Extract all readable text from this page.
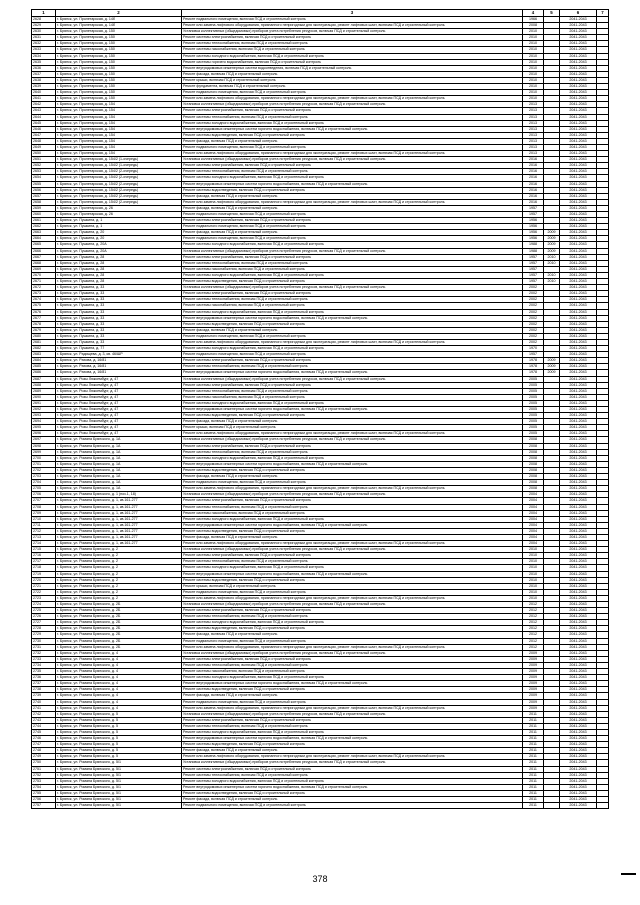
1	2	3	4	5	6	7
2628	г. Брянск, ул. Пролетарская, д. 14б	Ремонт подвального помещения, включая ПСД и строительный контроль	1966		2041-2043	
2629	г. Брянск, ул. Пролетарская, д. 14б	Ремонт или замена лифтового оборудования, признанного непригодным для эксплуатации, ремонт лифтовых шахт, включая ПСД и строительный контроль	2008		2041-2043	
2630	г. Брянск, ул. Пролетарская, д. 150	Установка коллективных (общедомовых) приборов учета потребления ресурсов, включая ПСД и строительный контроль	2010		2041-2043	
2631	г. Брянск, ул. Пролетарская, д. 150	Ремонт системы электроснабжения, включая ПСД и строительный контроль	2010		2041-2043	
2632	г. Брянск, ул. Пролетарская, д. 150	Ремонт системы теплоснабжения, включая ПСД и строительный контроль	2010		2041-2043	
2633	г. Брянск, ул. Пролетарская, д. 150	Ремонт системы газоснабжения, включая ПСД и строительный контроль	2010		2041-2043	
2634	г. Брянск, ул. Пролетарская, д. 150	Ремонт системы холодного водоснабжения, включая ПСД и строительный контроль	2010		2041-2043	
2635	г. Брянск, ул. Пролетарская, д. 150	Ремонт системы горячего водоснабжения, включая ПСД и строительный контроль	2010		2041-2043	
2636	г. Брянск, ул. Пролетарская, д. 150	Ремонт внутридомовых инженерных систем водоотведения, включая ПСД и строительный контроль	2010		2041-2043	
2637	г. Брянск, ул. Пролетарская, д. 150	Ремонт фасада, включая ПСД и строительный контроль	2010		2041-2043	
2638	г. Брянск, ул. Пролетарская, д. 150	Ремонт крыши, включая ПСД и строительный контроль	2010		2041-2043	
2639	г. Брянск, ул. Пролетарская, д. 150	Ремонт фундамента, включая ПСД и строительный контроль	2010		2041-2043	
2640	г. Брянск, ул. Пролетарская, д. 150	Ремонт подвального помещения, включая ПСД и строительный контроль	2010		2041-2043	
2641	г. Брянск, ул. Пролетарская, д. 150	Ремонт или замена лифтового оборудования, признанного непригодным для эксплуатации, ремонт лифтовых шахт, включая ПСД и строительный контроль	2010		2041-2043	
2642	г. Брянск, ул. Пролетарская, д. 154	Установка коллективных (общедомовых) приборов учета потребления ресурсов, включая ПСД и строительный контроль	2013		2041-2043	
2643	г. Брянск, ул. Пролетарская, д. 154	Ремонт системы электроснабжения, включая ПСД и строительный контроль	2013		2041-2043	
2644	г. Брянск, ул. Пролетарская, д. 154	Ремонт системы теплоснабжения, включая ПСД и строительный контроль	2013		2041-2043	
2645	г. Брянск, ул. Пролетарская, д. 154	Ремонт системы холодного водоснабжения, включая ПСД и строительный контроль	2013		2041-2043	
2646	г. Брянск, ул. Пролетарская, д. 154	Ремонт внутридомовых инженерных систем горячего водоснабжения, включая ПСД и строительный контроль	2013		2041-2043	
2647	г. Брянск, ул. Пролетарская, д. 154	Ремонт системы водоотведения, включая ПСД и строительный контроль	2013		2041-2043	
2648	г. Брянск, ул. Пролетарская, д. 154	Ремонт фасада, включая ПСД и строительный контроль	2013		2041-2043	
2649	г. Брянск, ул. Пролетарская, д. 154	Ремонт подвального помещения, включая ПСД и строительный контроль	2013		2041-2043	
2650	г. Брянск, ул. Пролетарская, д. 154	Ремонт или замена лифтового оборудования, признанного непригодным для эксплуатации, ремонт лифтовых шахт, включая ПСД и строительный контроль	2013		2041-2043	
2651	г. Брянск, ул. Пролетарская, д. 154/2 (1-очередь)	Установка коллективных (общедомовых) приборов учета потребления ресурсов, включая ПСД и строительный контроль	2016		2041-2043	
2652	г. Брянск, ул. Пролетарская, д. 154/2 (1-очередь)	Ремонт системы электроснабжения, включая ПСД и строительный контроль	2016		2041-2043	
2653	г. Брянск, ул. Пролетарская, д. 154/2 (2-очередь)	Ремонт системы теплоснабжения, включая ПСД и строительный контроль	2016		2041-2043	
2654	г. Брянск, ул. Пролетарская, д. 154/2 (2-очередь)	Ремонт системы холодного водоснабжения, включая ПСД и строительный контроль	2016		2041-2043	
2655	г. Брянск, ул. Пролетарская, д. 154/2 (2-очередь)	Ремонт внутридомовых инженерных систем горячего водоснабжения, включая ПСД и строительный контроль	2016		2041-2043	
2656	г. Брянск, ул. Пролетарская, д. 154/2 (2-очередь)	Ремонт системы водоотведения, включая ПСД и строительный контроль	2016		2041-2043	
2657	г. Брянск, ул. Пролетарская, д. 154/2 (2-очередь)	Ремонт фасада, включая ПСД и строительный контроль	2016		2041-2043	
2658	г. Брянск, ул. Пролетарская, д. 154/2 (2-очередь)	Ремонт или замена лифтового оборудования, признанного непригодным для эксплуатации, ремонт лифтовых шахт, включая ПСД и строительный контроль	2016		2041-2043	
2659	г. Брянск, ул. Пролетарская, д. 26	Ремонт фасада, включая ПСД и строительный контроль	1957		2041-2043	
2660	г. Брянск, ул. Пролетарская, д. 26	Ремонт подвального помещения, включая ПСД и строительный контроль	1957		2041-2043	
2661	г. Брянск, ул. Пушкина, д. 1	Ремонт системы электроснабжения, включая ПСД и строительный контроль	1956		2041-2043	
2662	г. Брянск, ул. Пушкина, д. 1	Ремонт подвального помещения, включая ПСД и строительный контроль	1956		2041-2043	
2663	г. Брянск, ул. Пушкина, д. 20	Ремонт фасада, включая ПСД и строительный контроль	1956	2009	2041-2043	
2664	г. Брянск, ул. Пушкина, д. 20	Ремонт подвального помещения, включая ПСД и строительный контроль	1956	2009	2041-2043	
2665	г. Брянск, ул. Пушкина, д. 20А	Ремонт системы холодного водоснабжения, включая ПСД и строительный контроль	1988	2009	2041-2043	
2666	г. Брянск, ул. Пушкина, д. 20А	Установка коллективных (общедомовых) приборов учета потребления ресурсов, включая ПСД и строительный контроль	1988	2009	2041-2043	
2667	г. Брянск, ул. Пушкина, д. 28	Ремонт системы электроснабжения, включая ПСД и строительный контроль	1957	2010	2041-2043	
2668	г. Брянск, ул. Пушкина, д. 28	Ремонт системы теплоснабжения, включая ПСД и строительный контроль	1957	2010	2041-2043	
2669	г. Брянск, ул. Пушкина, д. 28	Ремонт системы газоснабжения, включая ПСД и строительный контроль	1957		2041-2043	
2670	г. Брянск, ул. Пушкина, д. 28	Ремонт системы холодного водоснабжения, включая ПСД и строительный контроль	1957	2010	2041-2043	
2671	г. Брянск, ул. Пушкина, д. 28	Ремонт системы водоотведения, включая ПСД и строительный контроль	1957	2010	2041-2043	
2672	г. Брянск, ул. Пушкина, д. 33	Установка коллективных (общедомовых) приборов учета потребления ресурсов, включая ПСД и строительный контроль	2002		2041-2043	
2673	г. Брянск, ул. Пушкина, д. 33	Ремонт системы электроснабжения, включая ПСД и строительный контроль	2002		2041-2043	
2674	г. Брянск, ул. Пушкина, д. 33	Ремонт системы теплоснабжения, включая ПСД и строительный контроль	2002		2041-2043	
2675	г. Брянск, ул. Пушкина, д. 33	Ремонт системы газоснабжения, включая ПСД и строительный контроль	2002		2041-2043	
2676	г. Брянск, ул. Пушкина, д. 33	Ремонт системы холодного водоснабжения, включая ПСД и строительный контроль	2002		2041-2043	
2677	г. Брянск, ул. Пушкина, д. 33	Ремонт внутридомовых инженерных систем горячего водоснабжения, включая ПСД и строительный контроль	2002		2041-2043	
2678	г. Брянск, ул. Пушкина, д. 33	Ремонт системы водоотведения, включая ПСД и строительный контроль	2002		2041-2043	
2679	г. Брянск, ул. Пушкина, д. 33	Ремонт фасада, включая ПСД и строительный контроль	2002		2041-2043	
2680	г. Брянск, ул. Пушкина, д. 33	Ремонт подвального помещения, включая ПСД и строительный контроль	2002		2041-2043	
2681	г. Брянск, ул. Пушкина, д. 33	Ремонт или замена лифтового оборудования, признанного непригодным для эксплуатации, ремонт лифтовых шахт, включая ПСД и строительный контроль	2002		2041-2043	
2682	г. Брянск, ул. Пушкина, д. 77	Ремонт системы холодного водоснабжения, включая ПСД и строительный контроль	1970		2041-2043	
2683	г. Брянск, ул. Радищева, д. 3, кв. 46/ШР	Ремонт подвального помещения, включая ПСД и строительный контроль	1957		2041-2043	
2684	г. Брянск, ул. Рахова, д. 16/81	Ремонт системы электроснабжения, включая ПСД и строительный контроль	1978	2009	2041-2043	
2685	г. Брянск, ул. Рахова, д. 16/81	Ремонт системы теплоснабжения, включая ПСД и строительный контроль	1978	2009	2041-2043	
2686	г. Брянск, ул. Рахова, д. 16/81	Ремонт внутридомовых инженерных систем горячего водоснабжения, включая ПСД и строительный контроль	1978	2009	2041-2043	
2687	г. Брянск, ул. Розы Люксембург, д. 47	Установка коллективных (общедомовых) приборов учета потребления ресурсов, включая ПСД и строительный контроль	2005		2041-2043	
2688	г. Брянск, ул. Розы Люксембург, д. 47	Ремонт системы электроснабжения, включая ПСД и строительный контроль	2005		2041-2043	
2689	г. Брянск, ул. Розы Люксембург, д. 47	Ремонт системы теплоснабжения, включая ПСД и строительный контроль	2005		2041-2043	
2690	г. Брянск, ул. Розы Люксембург, д. 47	Ремонт системы газоснабжения, включая ПСД и строительный контроль	2005		2041-2043	
2691	г. Брянск, ул. Розы Люксембург, д. 47	Ремонт системы холодного водоснабжения, включая ПСД и строительный контроль	2005		2041-2043	
2692	г. Брянск, ул. Розы Люксембург, д. 47	Ремонт внутридомовых инженерных систем горячего водоснабжения, включая ПСД и строительный контроль	2005		2041-2043	
2693	г. Брянск, ул. Розы Люксембург, д. 47	Ремонт системы водоотведения, включая ПСД и строительный контроль	2005		2041-2043	
2694	г. Брянск, ул. Розы Люксембург, д. 47	Ремонт фасада, включая ПСД и строительный контроль	2005		2041-2043	
2695	г. Брянск, ул. Розы Люксембург, д. 47	Ремонт крыши, включая ПСД и строительный контроль	2005		2041-2043	
2696	г. Брянск, ул. Розы Люксембург, д. 47	Ремонт или замена лифтового оборудования, признанного непригодным для эксплуатации, ремонт лифтовых шахт, включая ПСД и строительный контроль	2005		2041-2043	
2697	г. Брянск, ул. Романа Брянского, д. 1А	Установка коллективных (общедомовых) приборов учета потребления ресурсов, включая ПСД и строительный контроль	2008		2041-2043	
2698	г. Брянск, ул. Романа Брянского, д. 1А	Ремонт системы электроснабжения, включая ПСД и строительный контроль	2008		2041-2043	
2699	г. Брянск, ул. Романа Брянского, д. 1А	Ремонт системы теплоснабжения, включая ПСД и строительный контроль	2008		2041-2043	
2700	г. Брянск, ул. Романа Брянского, д. 1А	Ремонт системы холодного водоснабжения, включая ПСД и строительный контроль	2008		2041-2043	
2701	г. Брянск, ул. Романа Брянского, д. 1А	Ремонт внутридомовых инженерных систем горячего водоснабжения, включая ПСД и строительный контроль	2008		2041-2043	
2702	г. Брянск, ул. Романа Брянского, д. 1А	Ремонт системы водоотведения, включая ПСД и строительный контроль	2008		2041-2043	
2703	г. Брянск, ул. Романа Брянского, д. 1А	Ремонт фасада, включая ПСД и строительный контроль	2008		2041-2043	
2704	г. Брянск, ул. Романа Брянского, д. 1А	Ремонт подвального помещения, включая ПСД и строительный контроль	2008		2041-2043	
2705	г. Брянск, ул. Романа Брянского, д. 1А	Ремонт или замена лифтового оборудования, признанного непригодным для эксплуатации, ремонт лифтовых шахт, включая ПСД и строительный контроль	2008		2041-2043	
2706	г. Брянск, ул. Романа Брянского, д. 1 (поз.1, 18)	Установка коллективных (общедомовых) приборов учета потребления ресурсов, включая ПСД и строительный контроль	2004		2041-2043	
2707	г. Брянск, ул. Романа Брянского, д. 1, кв.161-277	Ремонт системы электроснабжения, включая ПСД и строительный контроль	2004		2041-2043	
2708	г. Брянск, ул. Романа Брянского, д. 1, кв.161-277	Ремонт системы теплоснабжения, включая ПСД и строительный контроль	2004		2041-2043	
2709	г. Брянск, ул. Романа Брянского, д. 1, кв.161-277	Ремонт системы газоснабжения, включая ПСД и строительный контроль	2004		2041-2043	
2710	г. Брянск, ул. Романа Брянского, д. 1, кв.161-277	Ремонт системы холодного водоснабжения, включая ПСД и строительный контроль	2004		2041-2043	
2711	г. Брянск, ул. Романа Брянского, д. 1, кв.161-277	Ремонт внутридомовых инженерных систем горячего водоснабжения, включая ПСД и строительный контроль	2004		2041-2043	
2712	г. Брянск, ул. Романа Брянского, д. 1, кв.161-277	Ремонт системы водоотведения, включая ПСД и строительный контроль	2004		2041-2043	
2713	г. Брянск, ул. Романа Брянского, д. 1, кв.161-277	Ремонт фасада, включая ПСД и строительный контроль	2004		2041-2043	
2714	г. Брянск, ул. Романа Брянского, д. 1, кв.161-277	Ремонт или замена лифтового оборудования, признанного непригодным для эксплуатации, ремонт лифтовых шахт, включая ПСД и строительный контроль	2004		2041-2043	
2715	г. Брянск, ул. Романа Брянского, д. 2	Установка коллективных (общедомовых) приборов учета потребления ресурсов, включая ПСД и строительный контроль	2010		2041-2043	
2716	г. Брянск, ул. Романа Брянского, д. 2	Ремонт системы электроснабжения, включая ПСД и строительный контроль	2010		2041-2043	
2717	г. Брянск, ул. Романа Брянского, д. 2	Ремонт системы теплоснабжения, включая ПСД и строительный контроль	2010		2041-2043	
2718	г. Брянск, ул. Романа Брянского, д. 2	Ремонт системы холодного водоснабжения, включая ПСД и строительный контроль	2010		2041-2043	
2719	г. Брянск, ул. Романа Брянского, д. 2	Ремонт внутридомовых инженерных систем горячего водоснабжения, включая ПСД и строительный контроль	2010		2041-2043	
2720	г. Брянск, ул. Романа Брянского, д. 2	Ремонт системы водоотведения, включая ПСД и строительный контроль	2010		2041-2043	
2721	г. Брянск, ул. Романа Брянского, д. 2	Ремонт крыши, включая ПСД и строительный контроль	2010		2041-2043	
2722	г. Брянск, ул. Романа Брянского, д. 2	Ремонт подвального помещения, включая ПСД и строительный контроль	2010		2041-2043	
2723	г. Брянск, ул. Романа Брянского, д. 2	Ремонт или замена лифтового оборудования, признанного непригодным для эксплуатации, ремонт лифтовых шахт, включая ПСД и строительный контроль	2010		2041-2043	
2724	г. Брянск, ул. Романа Брянского, д. 2Б	Установка коллективных (общедомовых) приборов учета потребления ресурсов, включая ПСД и строительный контроль	2012		2041-2043	
2725	г. Брянск, ул. Романа Брянского, д. 2Б	Ремонт системы электроснабжения, включая ПСД и строительный контроль	2012		2041-2043	
2726	г. Брянск, ул. Романа Брянского, д. 2Б	Ремонт системы теплоснабжения, включая ПСД и строительный контроль	2012		2041-2043	
2727	г. Брянск, ул. Романа Брянского, д. 2Б	Ремонт системы холодного водоснабжения, включая ПСД и строительный контроль	2012		2041-2043	
2728	г. Брянск, ул. Романа Брянского, д. 2Б	Ремонт системы водоотведения, включая ПСД и строительный контроль	2012		2041-2043	
2729	г. Брянск, ул. Романа Брянского, д. 2Б	Ремонт фасада, включая ПСД и строительный контроль	2012		2041-2043	
2730	г. Брянск, ул. Романа Брянского, д. 2Б	Ремонт подвального помещения, включая ПСД и строительный контроль	2012		2041-2043	
2731	г. Брянск, ул. Романа Брянского, д. 2Б	Ремонт или замена лифтового оборудования, признанного непригодным для эксплуатации, ремонт лифтовых шахт, включая ПСД и строительный контроль	2012		2041-2043	
2732	г. Брянск, ул. Романа Брянского, д. 4	Установка коллективных (общедомовых) приборов учета потребления ресурсов, включая ПСД и строительный контроль	2009		2041-2043	
2733	г. Брянск, ул. Романа Брянского, д. 4	Ремонт системы электроснабжения, включая ПСД и строительный контроль	2009		2041-2043	
2734	г. Брянск, ул. Романа Брянского, д. 4	Ремонт системы теплоснабжения, включая ПСД и строительный контроль	2009		2041-2043	
2735	г. Брянск, ул. Романа Брянского, д. 4	Ремонт системы газоснабжения, включая ПСД и строительный контроль	2009		2041-2043	
2736	г. Брянск, ул. Романа Брянского, д. 4	Ремонт системы холодного водоснабжения, включая ПСД и строительный контроль	2009		2041-2043	
2737	г. Брянск, ул. Романа Брянского, д. 4	Ремонт внутридомовых инженерных систем горячего водоснабжения, включая ПСД и строительный контроль	2009		2041-2043	
2738	г. Брянск, ул. Романа Брянского, д. 4	Ремонт системы водоотведения, включая ПСД и строительный контроль	2009		2041-2043	
2739	г. Брянск, ул. Романа Брянского, д. 4	Ремонт фасада, включая ПСД и строительный контроль	2009		2041-2043	
2740	г. Брянск, ул. Романа Брянского, д. 4	Ремонт подвального помещения, включая ПСД и строительный контроль	2009		2041-2043	
2741	г. Брянск, ул. Романа Брянского, д. 4	Ремонт или замена лифтового оборудования, признанного непригодным для эксплуатации, ремонт лифтовых шахт, включая ПСД и строительный контроль	2009		2041-2043	
2742	г. Брянск, ул. Романа Брянского, д. 5	Установка коллективных (общедомовых) приборов учета потребления ресурсов, включая ПСД и строительный контроль	2011		2041-2043	
2743	г. Брянск, ул. Романа Брянского, д. 5	Ремонт системы электроснабжения, включая ПСД и строительный контроль	2011		2041-2043	
2744	г. Брянск, ул. Романа Брянского, д. 5	Ремонт системы теплоснабжения, включая ПСД и строительный контроль	2011		2041-2043	
2745	г. Брянск, ул. Романа Брянского, д. 5	Ремонт системы холодного водоснабжения, включая ПСД и строительный контроль	2011		2041-2043	
2746	г. Брянск, ул. Романа Брянского, д. 5	Ремонт внутридомовых инженерных систем горячего водоснабжения, включая ПСД и строительный контроль	2011		2041-2043	
2747	г. Брянск, ул. Романа Брянского, д. 5	Ремонт системы водоотведения, включая ПСД и строительный контроль	2011		2041-2043	
2748	г. Брянск, ул. Романа Брянского, д. 5	Ремонт фасада, включая ПСД и строительный контроль	2011		2041-2043	
2749	г. Брянск, ул. Романа Брянского, д. 5	Ремонт или замена лифтового оборудования, признанного непригодным для эксплуатации, ремонт лифтовых шахт, включая ПСД и строительный контроль	2011		2041-2043	
2750	г. Брянск, ул. Романа Брянского, д. 5/1	Установка коллективных (общедомовых) приборов учета потребления ресурсов, включая ПСД и строительный контроль	2011		2041-2043	
2751	г. Брянск, ул. Романа Брянского, д. 5/1	Ремонт системы электроснабжения, включая ПСД и строительный контроль	2011		2041-2043	
2752	г. Брянск, ул. Романа Брянского, д. 5/1	Ремонт системы теплоснабжения, включая ПСД и строительный контроль	2011		2041-2043	
2753	г. Брянск, ул. Романа Брянского, д. 5/1	Ремонт системы холодного водоснабжения, включая ПСД и строительный контроль	2011		2041-2043	
2754	г. Брянск, ул. Романа Брянского, д. 5/1	Ремонт внутридомовых инженерных систем горячего водоснабжения, включая ПСД и строительный контроль	2011		2041-2043	
2755	г. Брянск, ул. Романа Брянского, д. 5/1	Ремонт системы водоотведения, включая ПСД и строительный контроль	2011		2041-2043	
2756	г. Брянск, ул. Романа Брянского, д. 5/1	Ремонт фасада, включая ПСД и строительный контроль	2011		2041-2043	
2757	г. Брянск, ул. Романа Брянского, д. 5/1	Ремонт подвального помещения, включая ПСД и строительный контроль	2011		2041-2043	
378
